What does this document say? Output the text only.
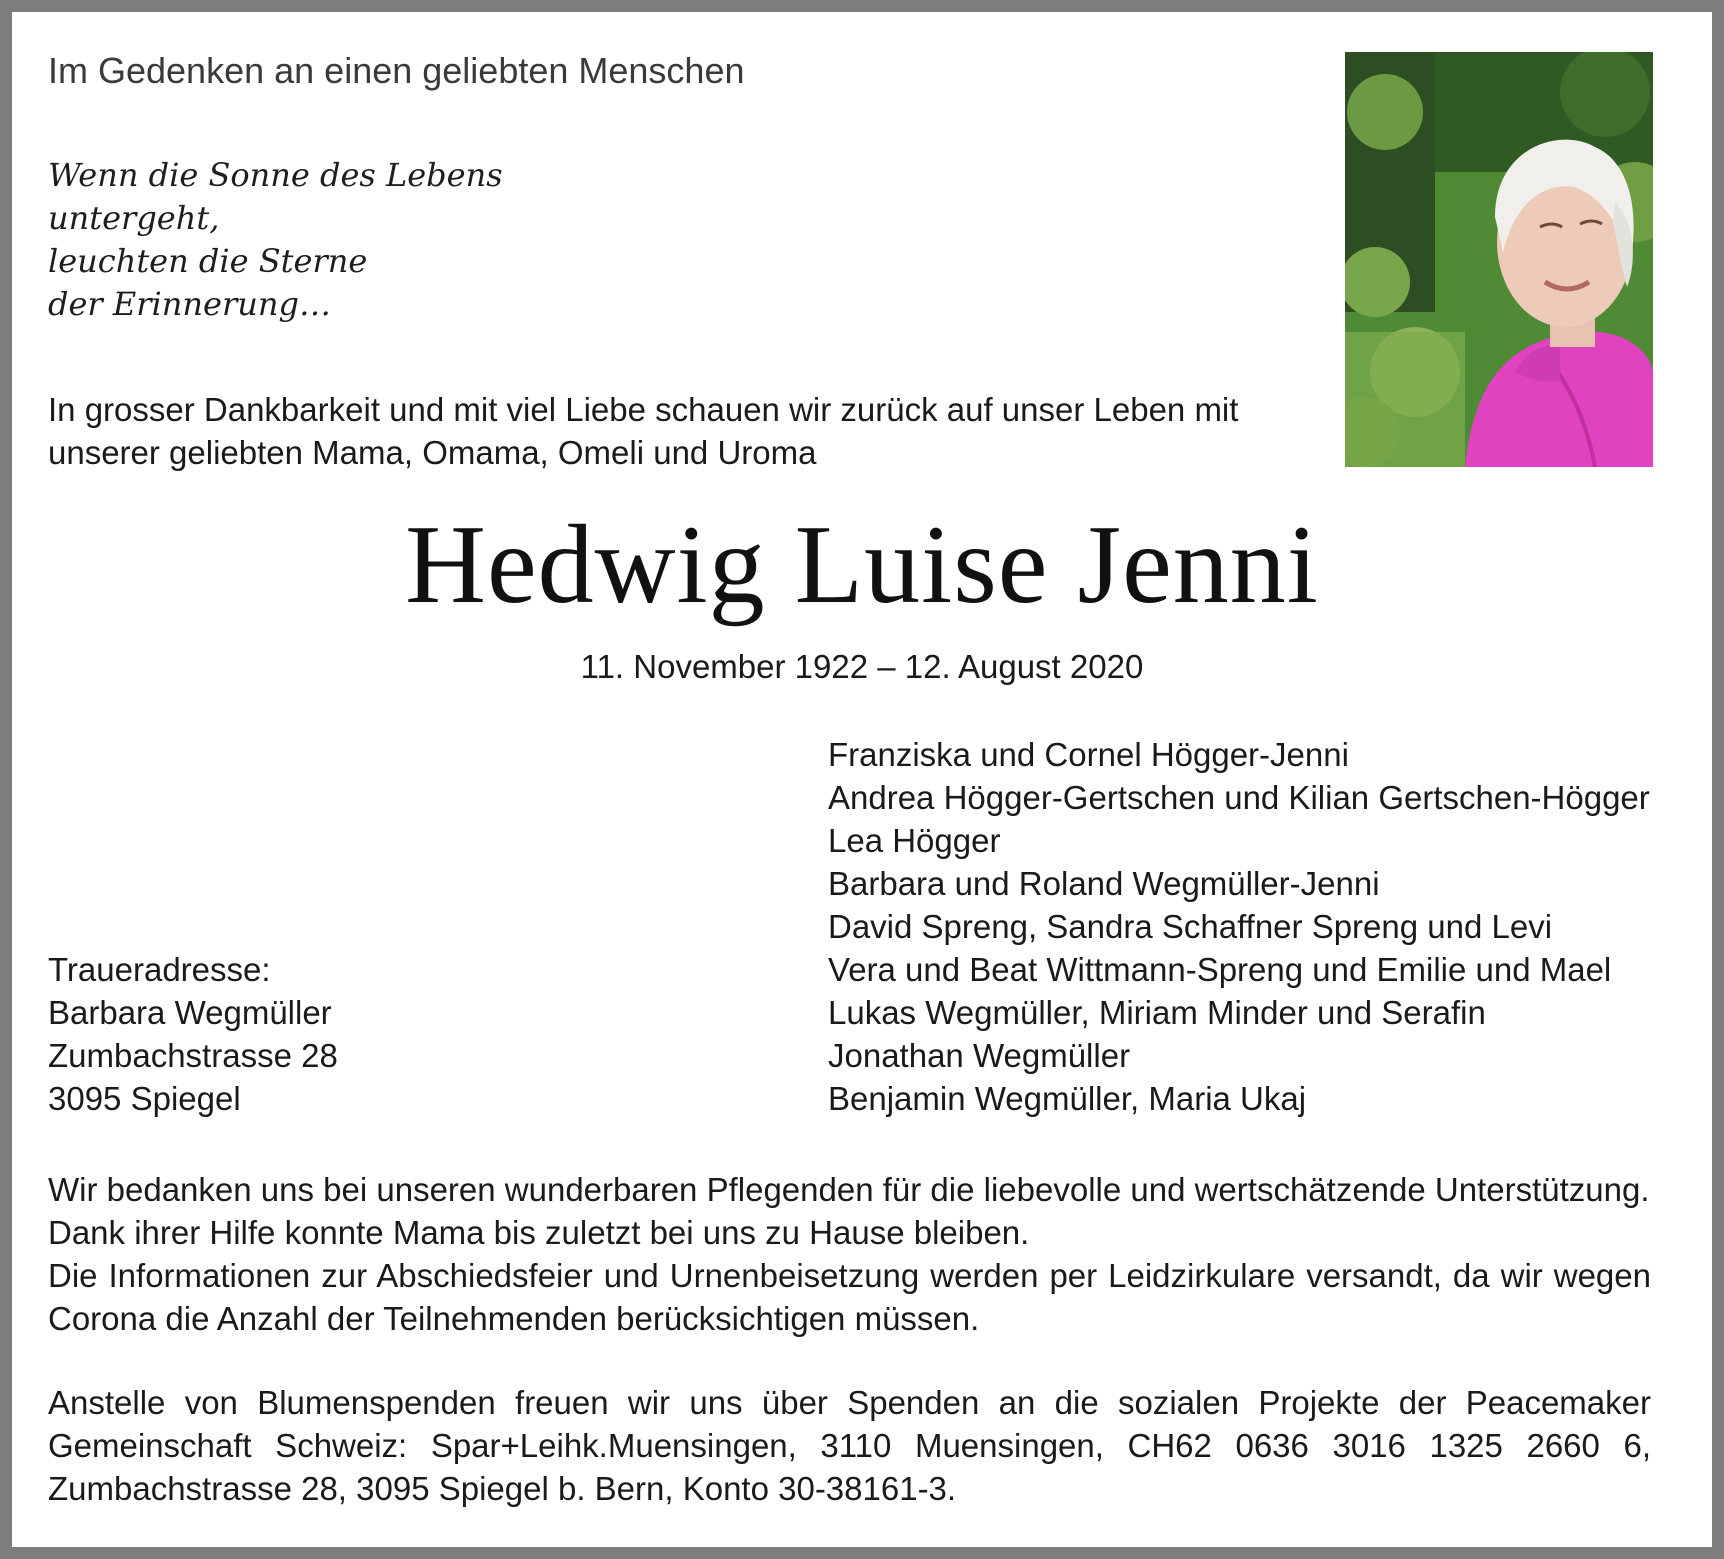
Im Gedenken an einen geliebten Menschen
Wenn die Sonne des Lebens
untergeht,
leuchten die Sterne
der Erinnerung…
In grosser Dankbarkeit und mit viel Liebe schauen wir zurück auf unser Leben mit
unserer geliebten Mama, Omama, Omeli und Uroma
Hedwig Luise Jenni
11. November 1922 – 12. August 2020
Franziska und Cornel Högger-Jenni
Andrea Högger-Gertschen und Kilian Gertschen-Högger
Lea Högger
Barbara und Roland Wegmüller-Jenni
David Spreng, Sandra Schaffner Spreng und Levi
Vera und Beat Wittmann-Spreng und Emilie und Mael
Lukas Wegmüller, Miriam Minder und Serafin
Jonathan Wegmüller
Benjamin Wegmüller, Maria Ukaj
Traueradresse:
Barbara Wegmüller
Zumbachstrasse 28
3095 Spiegel
Wir bedanken uns bei unseren wunderbaren Pflegenden für die liebevolle und wertschätzende Unterstützung.
Dank ihrer Hilfe konnte Mama bis zuletzt bei uns zu Hause bleiben.
Die Informationen zur Abschiedsfeier und Urnenbeisetzung werden per Leidzirkulare versandt, da wir wegen Corona die Anzahl der Teilnehmenden berücksichtigen müssen.
Anstelle von Blumenspenden freuen wir uns über Spenden an die sozialen Projekte der Peacemaker Gemeinschaft Schweiz: Spar+Leihk.Muensingen, 3110 Muensingen, CH62 0636 3016 1325 2660 6, Zumbachstrasse 28, 3095 Spiegel b. Bern, Konto 30-38161-3.
